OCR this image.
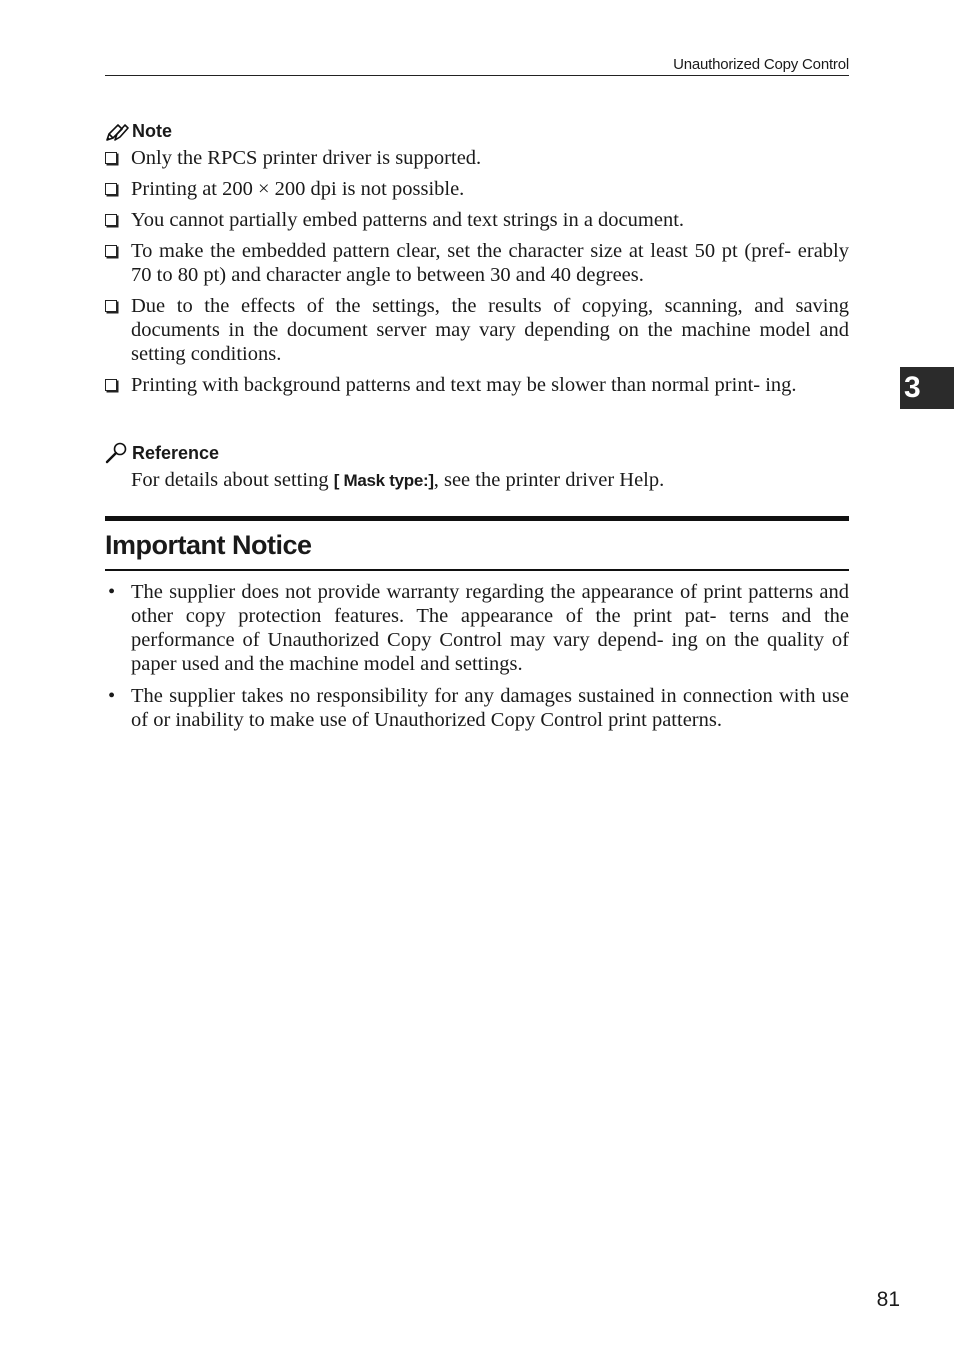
Unauthorized Copy Control
Note
Only the RPCS printer driver is supported.
Printing at 200 × 200 dpi is not possible.
You cannot partially embed patterns and text strings in a document.
To make the embedded pattern clear, set the character size at least 50 pt (pref- erably 70 to 80 pt) and character angle to between 30 and 40 degrees.
Due to the effects of the settings, the results of copying, scanning, and saving documents in the document server may vary depending on the machine model and setting conditions.
Printing with background patterns and text may be slower than normal print- ing.
Reference
For details about setting [ Mask type:], see the printer driver Help.
Important Notice
• The supplier does not provide warranty regarding the appearance of print patterns and other copy protection features. The appearance of the print pat- terns and the performance of Unauthorized Copy Control may vary depend- ing on the quality of paper used and the machine model and settings.
• The supplier takes no responsibility for any damages sustained in connection with use of or inability to make use of Unauthorized Copy Control print patterns.
3
81
